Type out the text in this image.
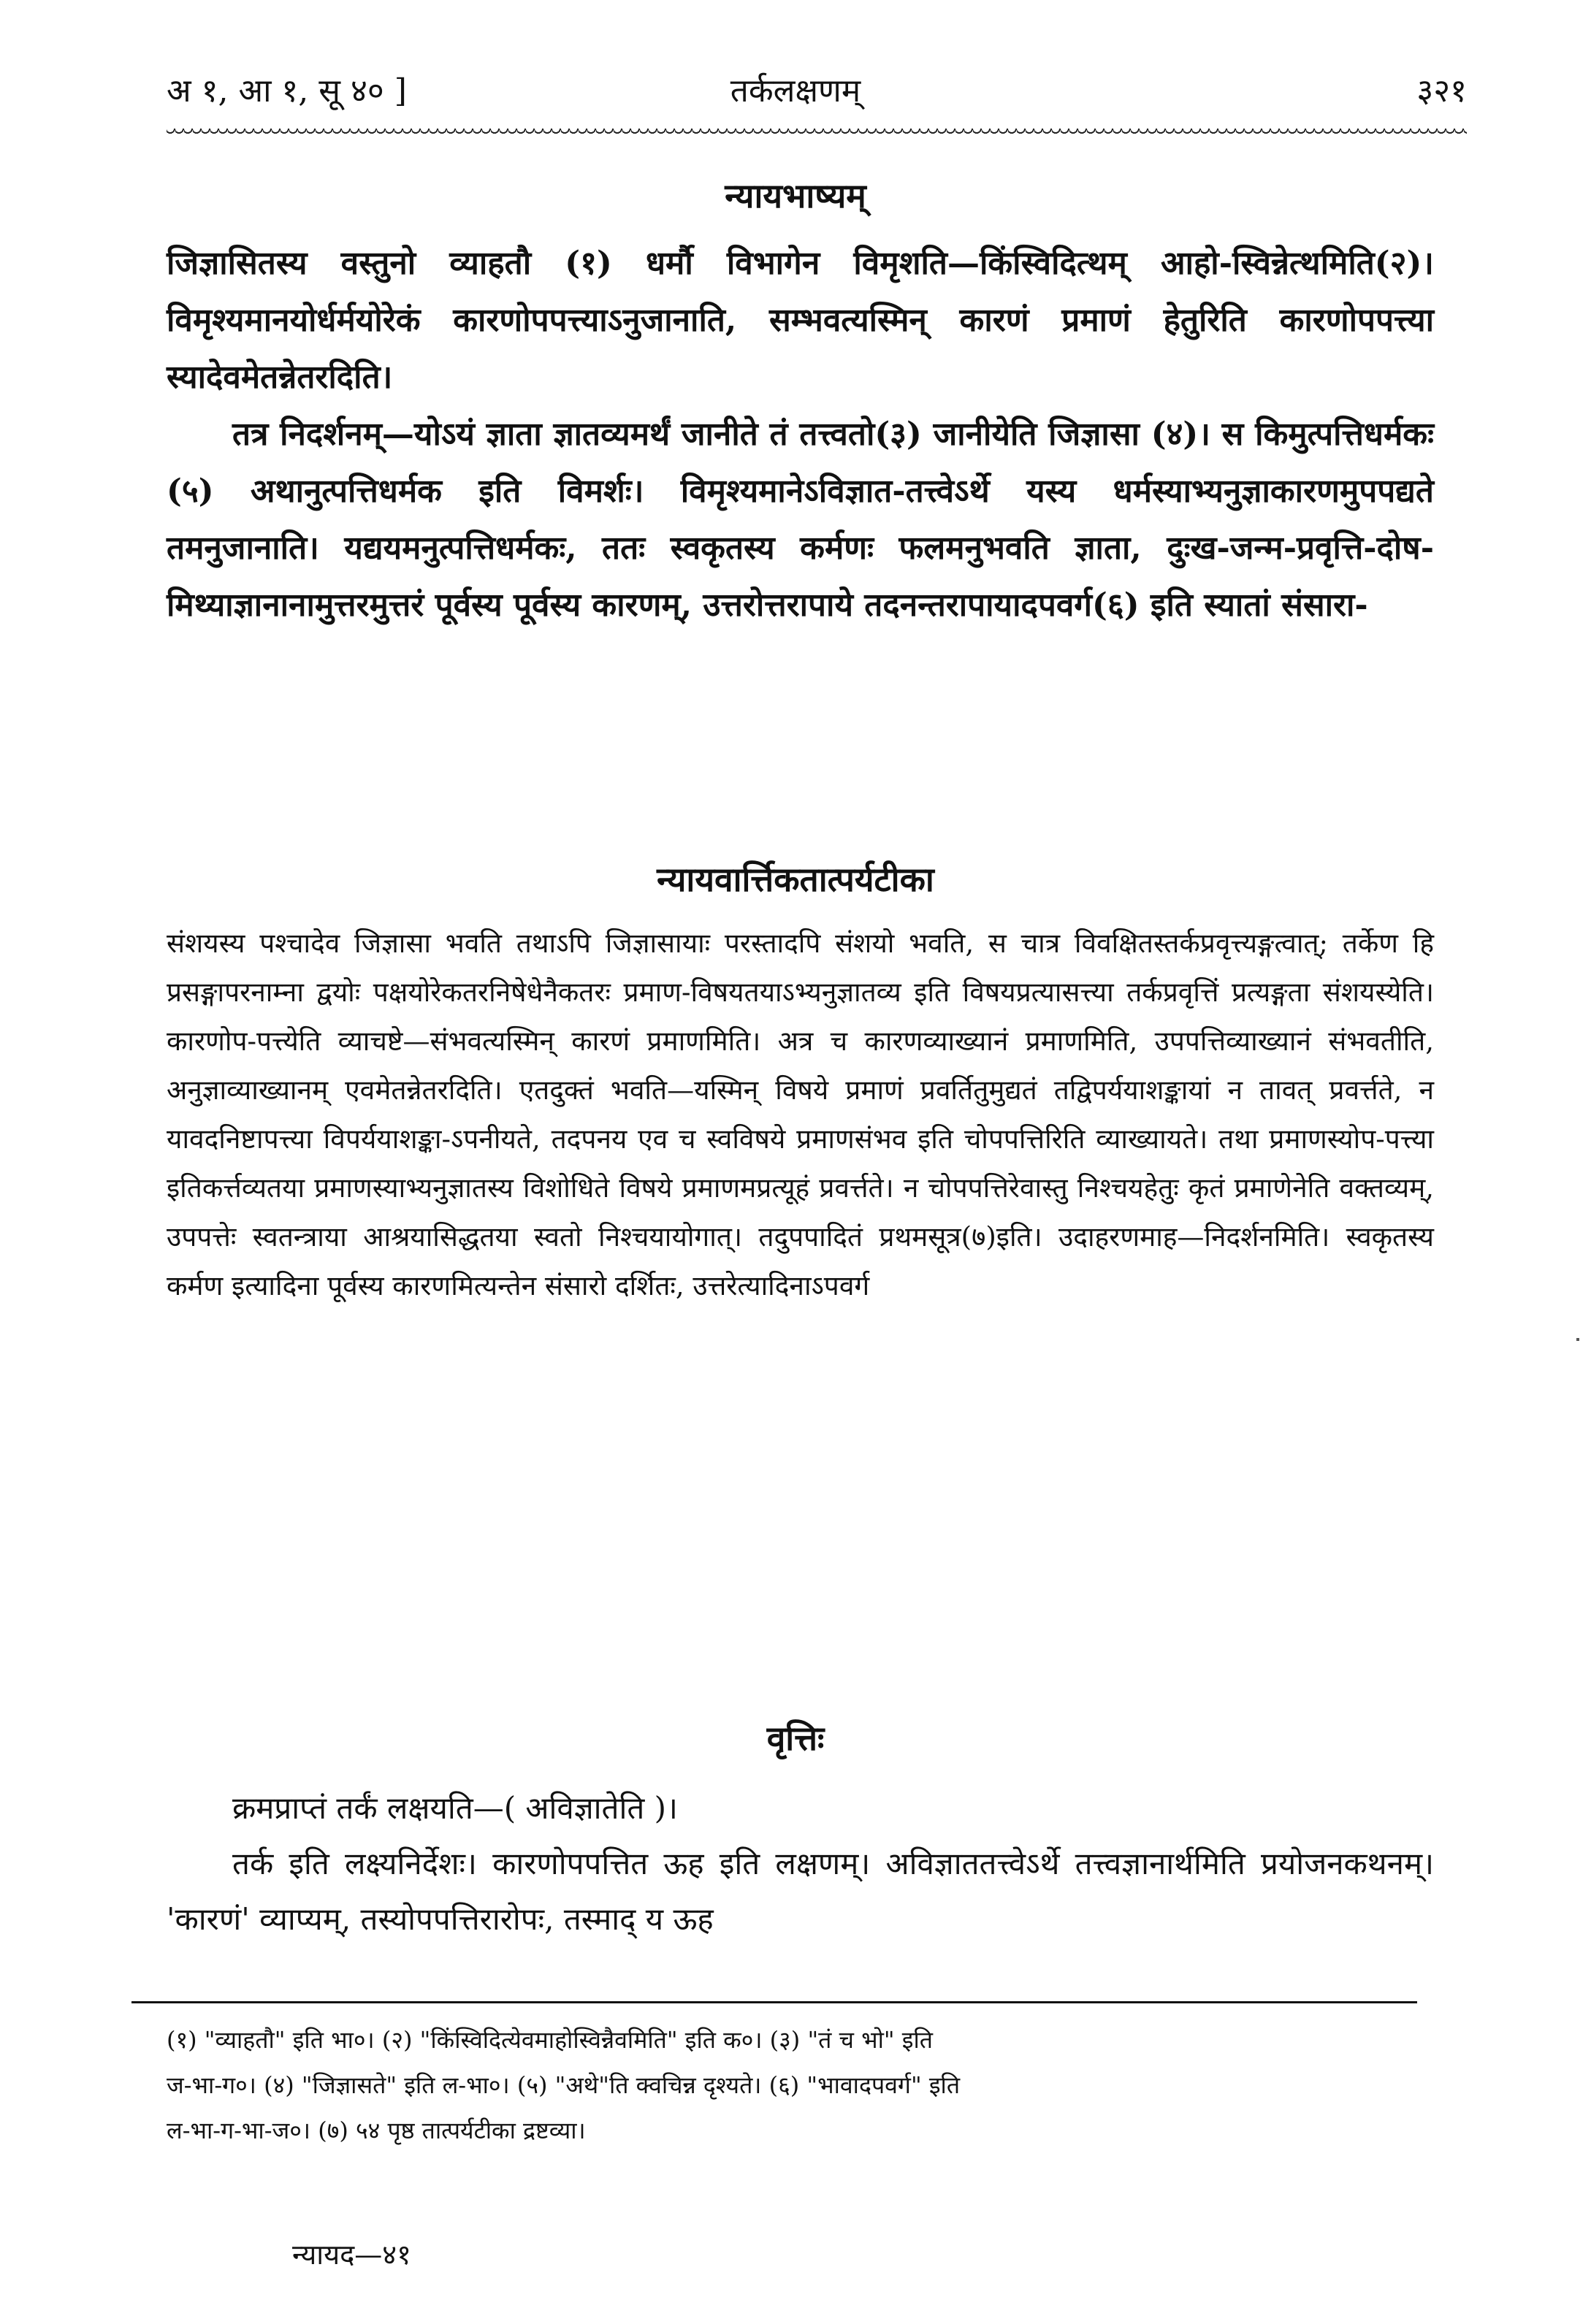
अ १, आ १, सू ४० ]	तर्कलक्षणम्	३२१
न्यायभाष्यम्

जिज्ञासितस्य वस्तुनो व्याहतौ (१) धर्मौ विभागेन विमृशति—किंस्विदित्थम् आहो-स्विन्नेत्थमिति(२)। विमृश्यमानयोर्धर्मयोरेकं कारणोपपत्त्याऽनुजानाति, सम्भवत्यस्मिन् कारणं प्रमाणं हेतुरिति कारणोपपत्त्या स्यादेवमेतन्नेतरदिति।

तत्र निदर्शनम्—योऽयं ज्ञाता ज्ञातव्यमर्थं जानीते तं तत्त्वतो(३) जानीयेति जिज्ञासा (४)। स किमुत्पत्तिधर्मकः (५) अथानुत्पत्तिधर्मक इति विमर्शः। विमृश्यमानेऽविज्ञात-तत्त्वेऽर्थे यस्य धर्मस्याभ्यनुज्ञाकारणमुपपद्यते तमनुजानाति। यद्ययमनुत्पत्तिधर्मकः, ततः स्वकृतस्य कर्मणः फलमनुभवति ज्ञाता, दुःख-जन्म-प्रवृत्ति-दोष-मिथ्याज्ञानानामुत्तरमुत्तरं पूर्वस्य पूर्वस्य कारणम्, उत्तरोत्तरापाये तदनन्तरापायादपवर्ग(६) इति स्यातां संसारा-

न्यायवार्त्तिकतात्पर्यटीका

संशयस्य पश्चादेव जिज्ञासा भवति तथाऽपि जिज्ञासायाः परस्तादपि संशयो भवति, स चात्र विवक्षितस्तर्कप्रवृत्त्यङ्गत्वात्; तर्केण हि प्रसङ्गापरनाम्ना द्वयोः पक्षयोरेकतरनिषेधेनैकतरः प्रमाण-विषयतयाऽभ्यनुज्ञातव्य इति विषयप्रत्यासत्त्या तर्कप्रवृत्तिं प्रत्यङ्गता संशयस्येति। कारणोप-पत्त्येति व्याचष्टे—संभवत्यस्मिन् कारणं प्रमाणमिति। अत्र च कारणव्याख्यानं प्रमाणमिति, उपपत्तिव्याख्यानं संभवतीति, अनुज्ञाव्याख्यानम् एवमेतन्नेतरदिति। एतदुक्तं भवति—यस्मिन् विषये प्रमाणं प्रवर्तितुमुद्यतं तद्विपर्ययाशङ्कायां न तावत् प्रवर्त्तते, न यावदनिष्टापत्त्या विपर्ययाशङ्का-ऽपनीयते, तदपनय एव च स्वविषये प्रमाणसंभव इति चोपपत्तिरिति व्याख्यायते। तथा प्रमाणस्योप-पत्त्या इतिकर्त्तव्यतया प्रमाणस्याभ्यनुज्ञातस्य विशोधिते विषये प्रमाणमप्रत्यूहं प्रवर्त्तते। न चोपपत्तिरेवास्तु निश्चयहेतुः कृतं प्रमाणेनेति वक्तव्यम्, उपपत्तेः स्वतन्त्राया आश्रयासिद्धतया स्वतो निश्चयायोगात्। तदुपपादितं प्रथमसूत्र(७)इति। उदाहरणमाह—निदर्शनमिति। स्वकृतस्य कर्मण इत्यादिना पूर्वस्य कारणमित्यन्तेन संसारो दर्शितः, उत्तरेत्यादिनाऽपवर्ग

वृत्तिः

क्रमप्राप्तं तर्कं लक्षयति—( अविज्ञातेति )।

तर्क इति लक्ष्यनिर्देशः। कारणोपपत्तित ऊह इति लक्षणम्। अविज्ञाततत्त्वेऽर्थे तत्त्वज्ञानार्थमिति प्रयोजनकथनम्। 'कारणं' व्याप्यम्, तस्योपपत्तिरारोपः, तस्माद् य ऊह

(१) "व्याहतौ" इति भा०। (२) "किंस्विदित्येवमाहोस्विन्नैवमिति" इति क०। (३) "तं च भो" इति

ज-भा-ग०। (४) "जिज्ञासते" इति ल-भा०। (५) "अथे"ति क्वचिन्न दृश्यते। (६) "भावादपवर्ग" इति

ल-भा-ग-भा-ज०। (७) ५४ पृष्ठ तात्पर्यटीका द्रष्टव्या।

न्यायद—४१
